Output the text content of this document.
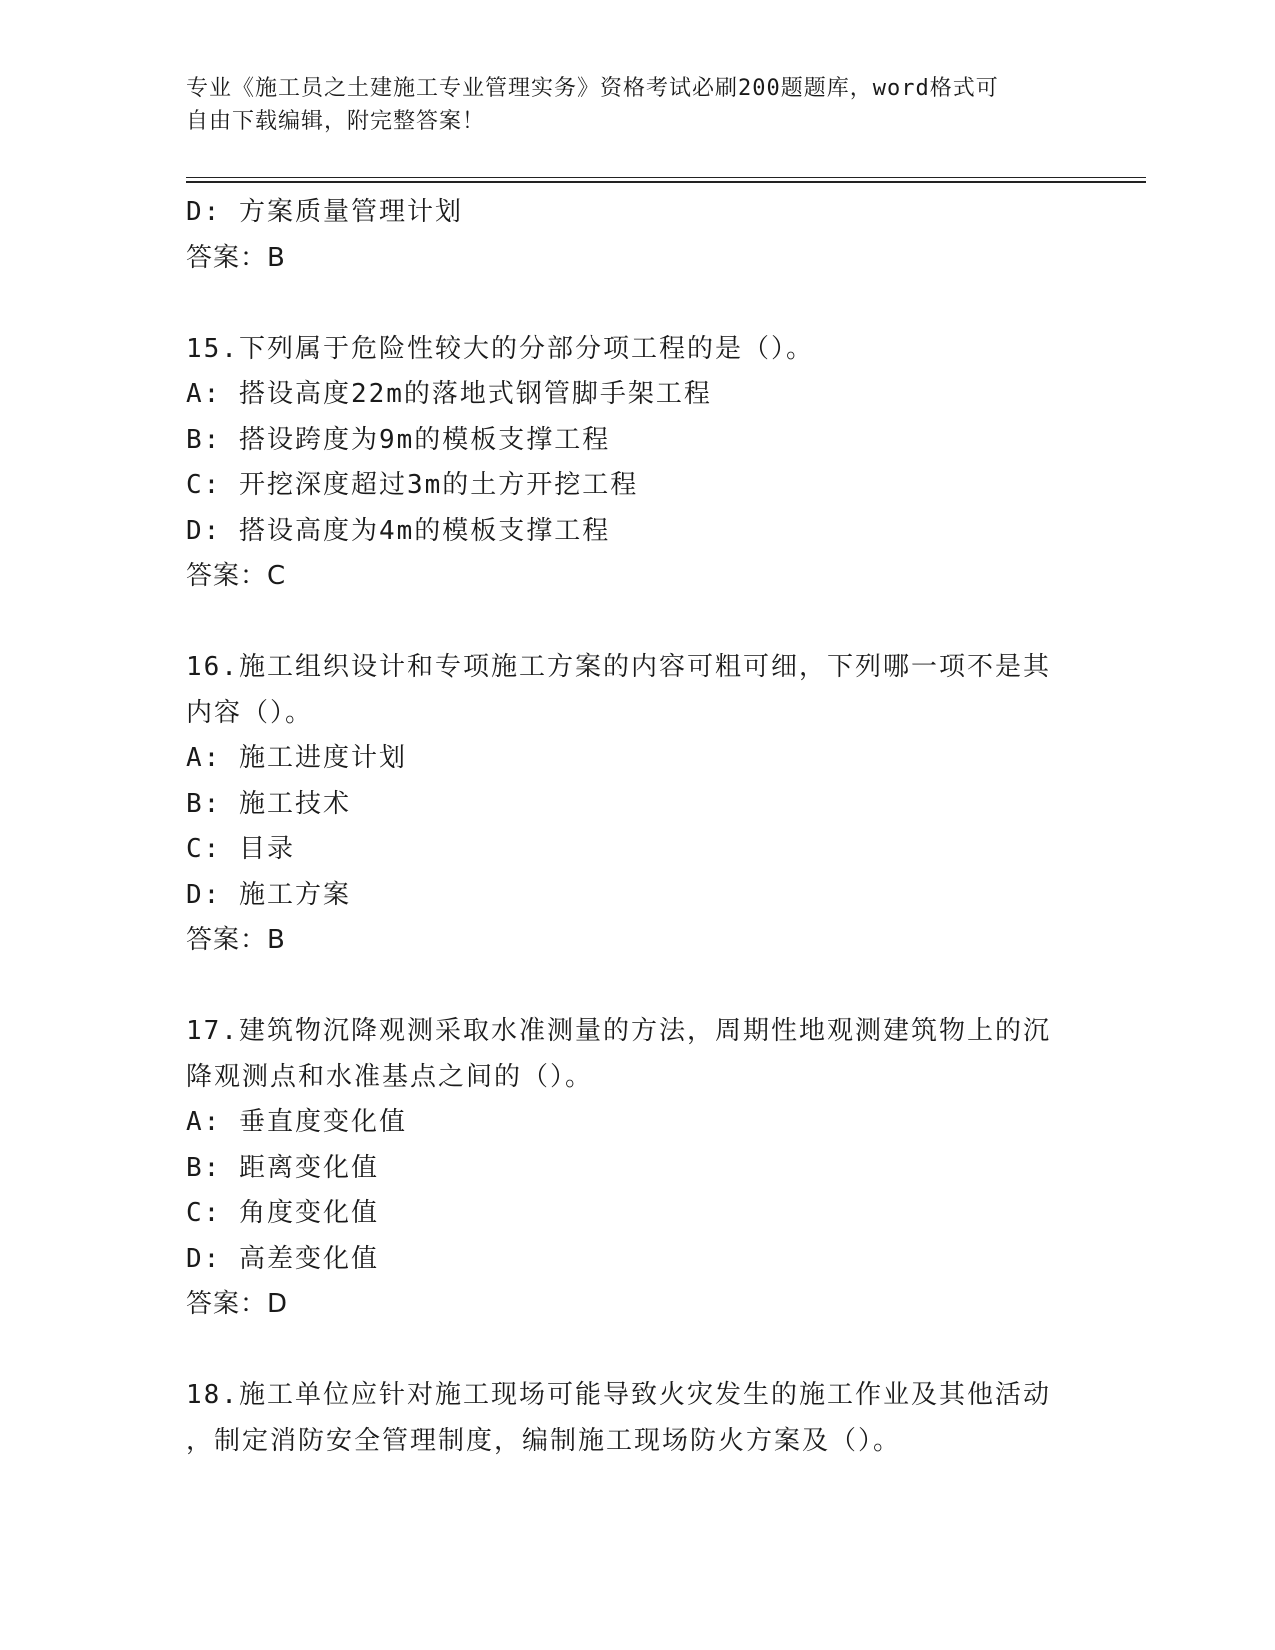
专业《施工员之土建施工专业管理实务》资格考试必刷200题题库，word格式可
自由下载编辑，附完整答案！
D: 方案质量管理计划
答案：B
15.下列属于危险性较大的分部分项工程的是（）。
A: 搭设高度22m的落地式钢管脚手架工程
B: 搭设跨度为9m的模板支撑工程
C: 开挖深度超过3m的土方开挖工程
D: 搭设高度为4m的模板支撑工程
答案：C
16.施工组织设计和专项施工方案的内容可粗可细，下列哪一项不是其
内容（）。
A: 施工进度计划
B: 施工技术
C: 目录
D: 施工方案
答案：B
17.建筑物沉降观测采取水准测量的方法，周期性地观测建筑物上的沉
降观测点和水准基点之间的（）。
A: 垂直度变化值
B: 距离变化值
C: 角度变化值
D: 高差变化值
答案：D
18.施工单位应针对施工现场可能导致火灾发生的施工作业及其他活动
，制定消防安全管理制度，编制施工现场防火方案及（）。
